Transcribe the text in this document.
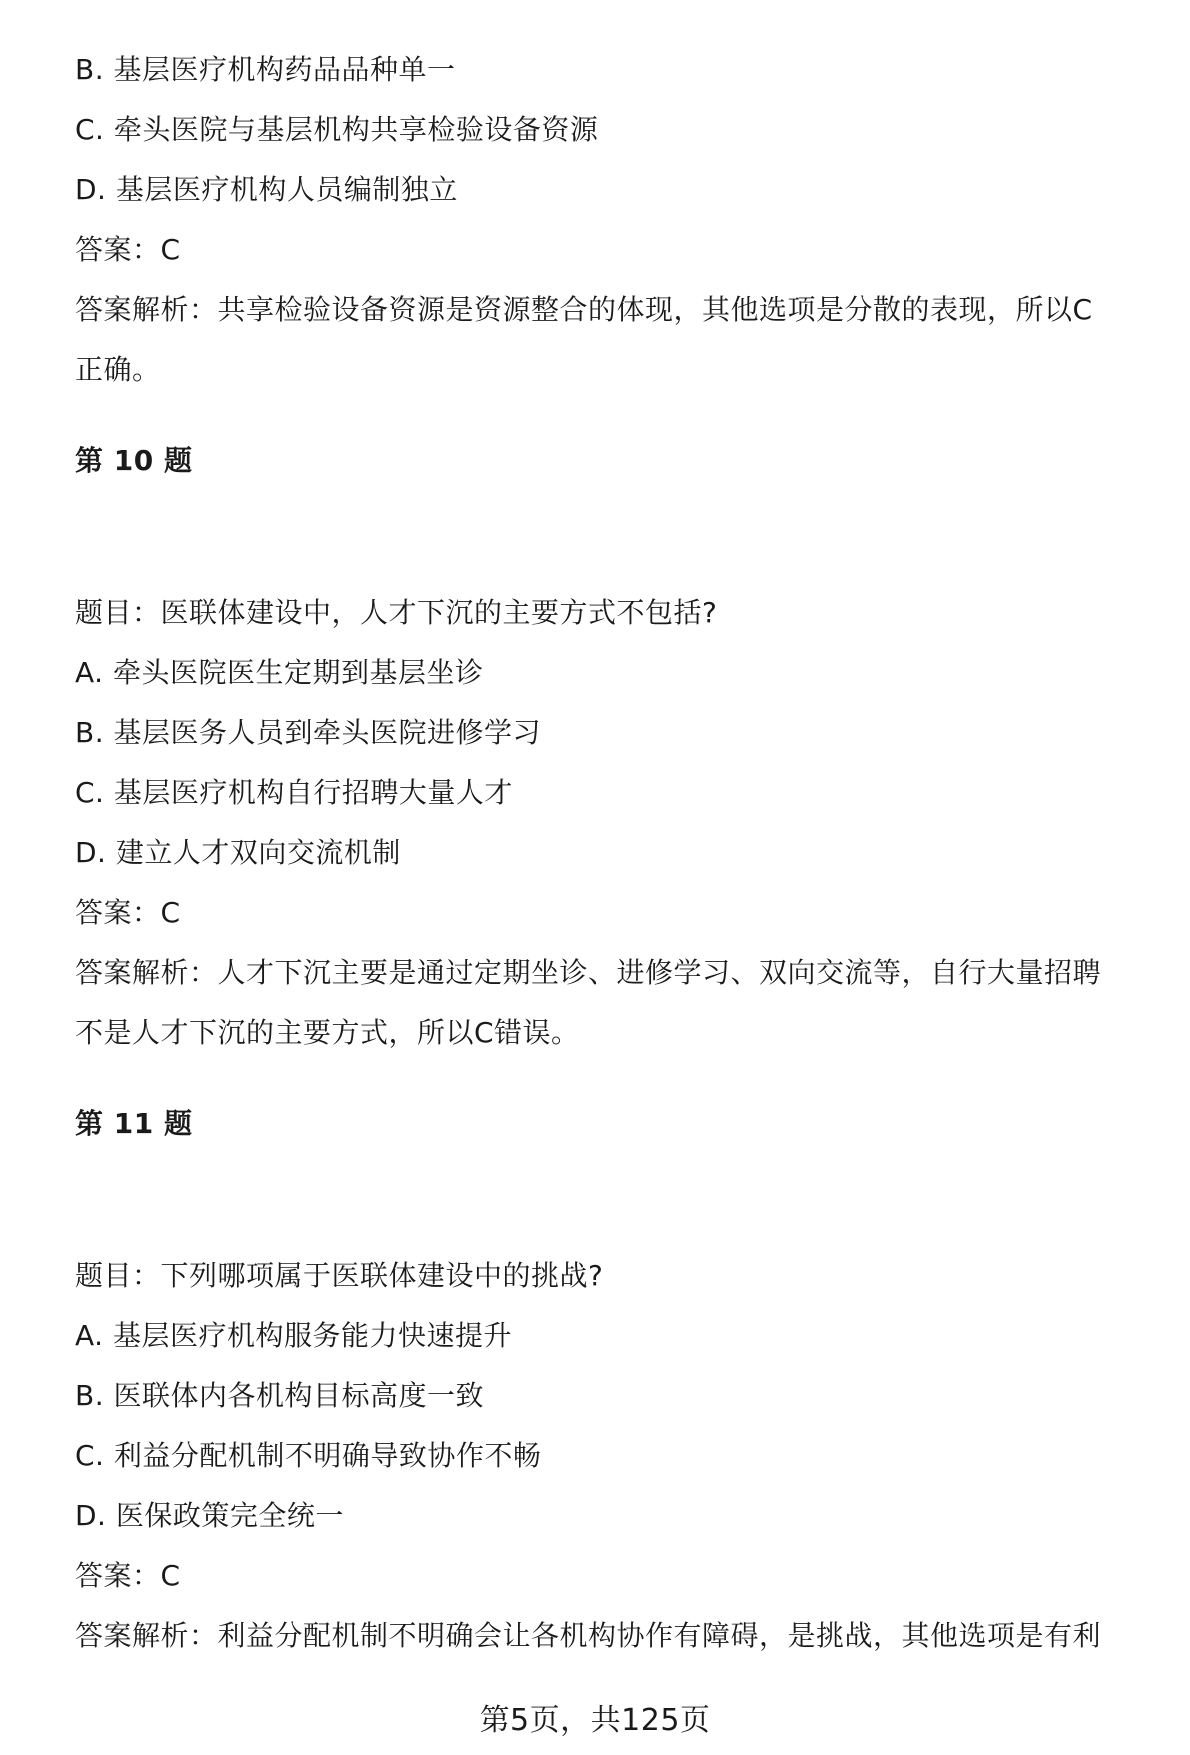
B. 基层医疗机构药品品种单一
C. 牵头医院与基层机构共享检验设备资源
D. 基层医疗机构人员编制独立
答案：C
答案解析：共享检验设备资源是资源整合的体现，其他选项是分散的表现，所以C
正确。
第 10 题
题目：医联体建设中，人才下沉的主要方式不包括?
A. 牵头医院医生定期到基层坐诊
B. 基层医务人员到牵头医院进修学习
C. 基层医疗机构自行招聘大量人才
D. 建立人才双向交流机制
答案：C
答案解析：人才下沉主要是通过定期坐诊、进修学习、双向交流等，自行大量招聘
不是人才下沉的主要方式，所以C错误。
第 11 题
题目：下列哪项属于医联体建设中的挑战?
A. 基层医疗机构服务能力快速提升
B. 医联体内各机构目标高度一致
C. 利益分配机制不明确导致协作不畅
D. 医保政策完全统一
答案：C
答案解析：利益分配机制不明确会让各机构协作有障碍，是挑战，其他选项是有利
第5页，共125页
